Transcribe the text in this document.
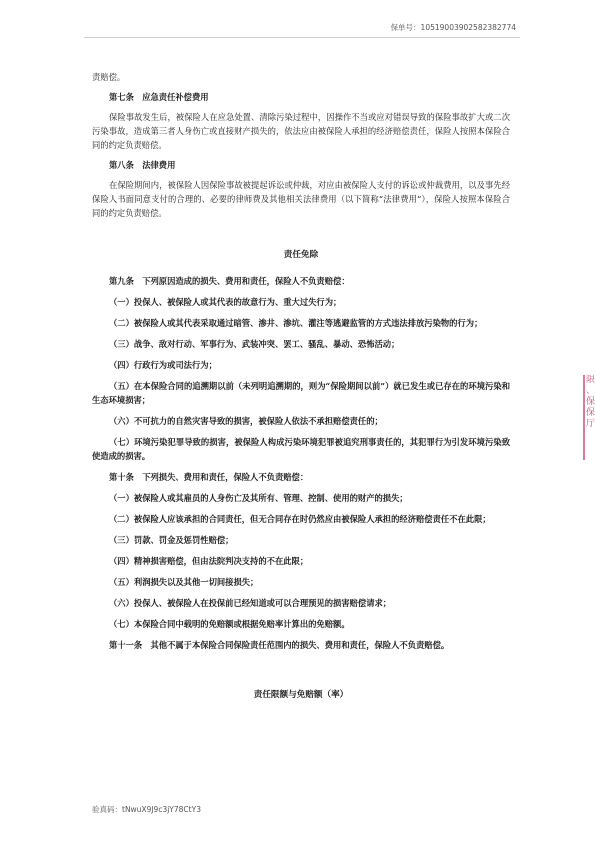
保单号：10519003902582382774

责赔偿。

第七条　应急责任补偿费用

保险事故发生后，被保险人在应急处置、清除污染过程中，因操作不当或应对错误导致的保险事故扩大或二次污染事故，造成第三者人身伤亡或直接财产损失的，依法应由被保险人承担的经济赔偿责任，保险人按照本保险合同的约定负责赔偿。

第八条　法律费用

在保险期间内，被保险人因保险事故被提起诉讼或仲裁，对应由被保险人支付的诉讼或仲裁费用，以及事先经保险人书面同意支付的合理的、必要的律师费及其他相关法律费用（以下简称“法律费用”），保险人按照本保险合同的约定负责赔偿。

责任免除

第九条　下列原因造成的损失、费用和责任，保险人不负责赔偿：

（一）投保人、被保险人或其代表的故意行为、重大过失行为；

（二）被保险人或其代表采取通过暗管、渗井、渗坑、灌注等逃避监管的方式违法排放污染物的行为；

（三）战争、敌对行动、军事行为、武装冲突、罢工、骚乱、暴动、恐怖活动；

（四）行政行为或司法行为；

（五）在本保险合同的追溯期以前（未列明追溯期的，则为“保险期间以前”）就已发生或已存在的环境污染和生态环境损害；

（六）不可抗力的自然灾害导致的损害，被保险人依法不承担赔偿责任的；

（七）环境污染犯罪导致的损害，被保险人构成污染环境犯罪被追究刑事责任的，其犯罪行为引发环境污染致使造成的损害。

第十条　下列损失、费用和责任，保险人不负责赔偿：

（一）被保险人或其雇员的人身伤亡及其所有、管理、控制、使用的财产的损失；

（二）被保险人应该承担的合同责任，但无合同存在时仍然应由被保险人承担的经济赔偿责任不在此限；

（三）罚款、罚金及惩罚性赔偿；

（四）精神损害赔偿，但由法院判决支持的不在此限；

（五）利润损失以及其他一切间接损失；

（六）投保人、被保险人在投保前已经知道或可以合理预见的损害赔偿请求；

（七）本保险合同中载明的免赔额或根据免赔率计算出的免赔额。

第十一条　其他不属于本保险合同保险责任范围内的损失、费用和责任，保险人不负责赔偿。

责任限额与免赔额（率）
限
、
保
保
厅
验真码：tNwuX9J9c3jY78CtY3
